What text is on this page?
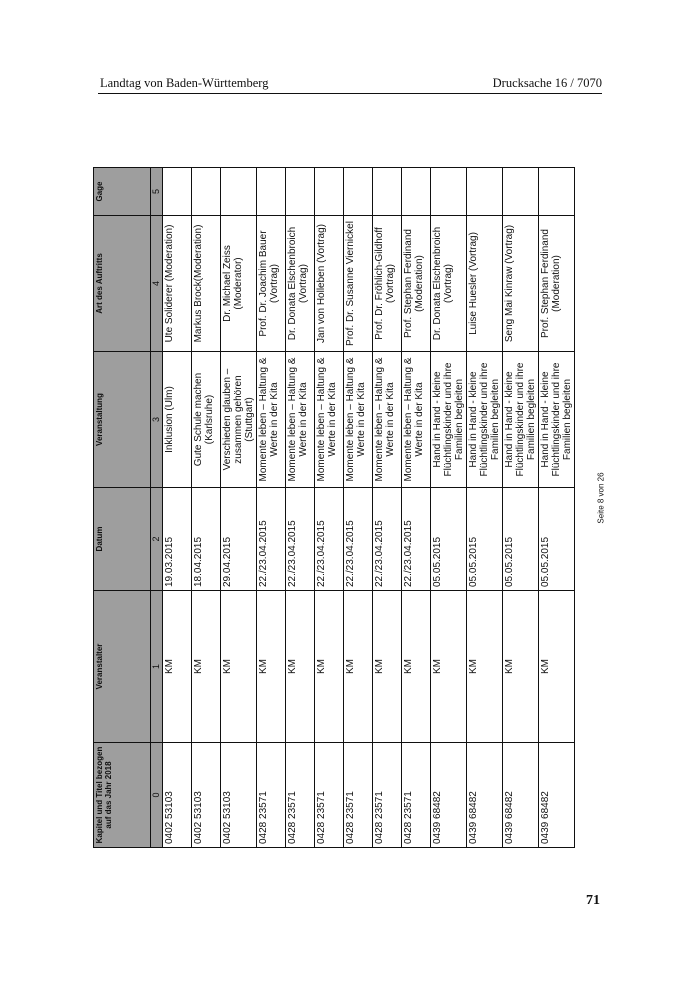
Landtag von Baden-Württemberg	Drucksache 16 / 7070
Kapitel und Titel bezogen auf das Jahr 2018	Veranstalter	Datum	Veranstaltung	Art des Auftritts	Gage
0	1	2	3	4	5
0402 53103	KM	19.03.2015	Inklusion (Ulm)	Ute Soliderer (Moderation)	
0402 53103	KM	18.04.2015	Gute Schule machen (Karlsruhe)	Markus Brock(Moderation)	
0402 53103	KM	29.04.2015	Verschieden glauben – zusammen gehören (Stuttgart)	Dr. Michael Zeiss (Moderator)	
0428 23571	KM	22./23.04.2015	Momente leben – Haltung & Werte in der Kita	Prof. Dr. Joachim Bauer (Vortrag)	
0428 23571	KM	22./23.04.2015	Momente leben – Haltung & Werte in der Kita	Dr. Donata Elschenbroich (Vortrag)	
0428 23571	KM	22./23.04.2015	Momente leben – Haltung & Werte in der Kita	Jan von Holleben (Vortrag)	
0428 23571	KM	22./23.04.2015	Momente leben – Haltung & Werte in der Kita	Prof. Dr. Susanne Viernickel	
0428 23571	KM	22./23.04.2015	Momente leben – Haltung & Werte in der Kita	Prof. Dr. Fröhlich-Gildhoff (Vortrag)	
0428 23571	KM	22./23.04.2015	Momente leben – Haltung & Werte in der Kita	Prof. Stephan Ferdinand (Moderation)	
0439 68482	KM	05.05.2015	Hand in Hand - kleine Flüchtlingskinder und ihre Familien begleiten	Dr. Donata Elschenbroich (Vortrag)	
0439 68482	KM	05.05.2015	Hand in Hand - kleine Flüchtlingskinder und ihre Familien begleiten	Luise Huesler (Vortrag)	
0439 68482	KM	05.05.2015	Hand in Hand - kleine Flüchtlingskinder und ihre Familien begleiten	Seng Mai Kinraw (Vortrag)	
0439 68482	KM	05.05.2015	Hand in Hand - kleine Flüchtlingskinder und ihre Familien begleiten	Prof. Stephan Ferdinand (Moderation)	
Seite 8 von 26
71
